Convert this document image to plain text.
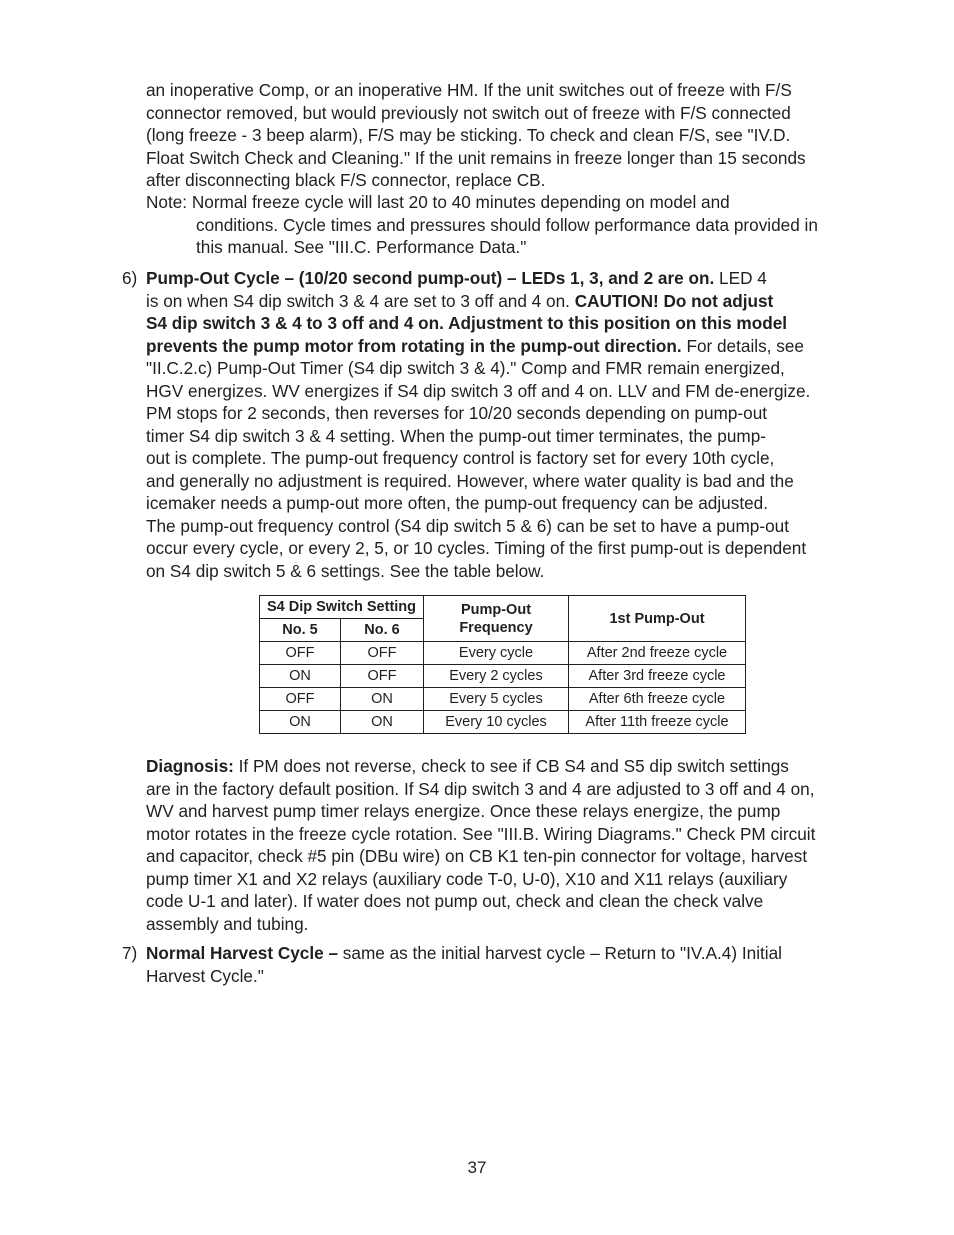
an inoperative Comp, or an inoperative HM. If the unit switches out of freeze with F/S
connector removed, but would previously not switch out of freeze with F/S connected
(long freeze - 3 beep alarm), F/S may be sticking. To check and clean F/S, see "IV.D.
Float Switch Check and Cleaning." If the unit remains in freeze longer than 15 seconds
after disconnecting black F/S connector, replace CB.
Note: Normal freeze cycle will last 20 to 40 minutes depending on model and
conditions. Cycle times and pressures should follow performance data provided in
this manual. See "III.C. Performance Data."
6) Pump-Out Cycle – (10/20 second pump-out) – LEDs 1, 3, and 2 are on. LED 4
is on when S4 dip switch 3 & 4 are set to 3 off and 4 on. CAUTION! Do not adjust
S4 dip switch 3 & 4 to 3 off and 4 on. Adjustment to this position on this model
prevents the pump motor from rotating in the pump-out direction. For details, see
"II.C.2.c) Pump-Out Timer (S4 dip switch 3 & 4)." Comp and FMR remain energized,
HGV energizes. WV energizes if S4 dip switch 3 off and 4 on. LLV and FM de-energize.
PM stops for 2 seconds, then reverses for 10/20 seconds depending on pump-out
timer S4 dip switch 3 & 4 setting. When the pump-out timer terminates, the pump-
out is complete. The pump-out frequency control is factory set for every 10th cycle,
and generally no adjustment is required. However, where water quality is bad and the
icemaker needs a pump-out more often, the pump-out frequency can be adjusted.
The pump-out frequency control (S4 dip switch 5 & 6) can be set to have a pump-out
occur every cycle, or every 2, 5, or 10 cycles. Timing of the first pump-out is dependent
on S4 dip switch 5 & 6 settings. See the table below.
S4 Dip Switch Setting		Pump-Out Frequency	1st Pump-Out
No. 5	No. 6		
OFF	OFF	Every cycle	After 2nd freeze cycle
ON	OFF	Every 2 cycles	After 3rd freeze cycle
OFF	ON	Every 5 cycles	After 6th freeze cycle
ON	ON	Every 10 cycles	After 11th freeze cycle
Diagnosis: If PM does not reverse, check to see if CB S4 and S5 dip switch settings
are in the factory default position. If S4 dip switch 3 and 4 are adjusted to 3 off and 4 on,
WV and harvest pump timer relays energize. Once these relays energize, the pump
motor rotates in the freeze cycle rotation. See "III.B. Wiring Diagrams." Check PM circuit
and capacitor, check #5 pin (DBu wire) on CB K1 ten-pin connector for voltage, harvest
pump timer X1 and X2 relays (auxiliary code T-0, U-0), X10 and X11 relays (auxiliary
code U-1 and later). If water does not pump out, check and clean the check valve
assembly and tubing.
7) Normal Harvest Cycle – same as the initial harvest cycle – Return to "IV.A.4) Initial
Harvest Cycle."
37
